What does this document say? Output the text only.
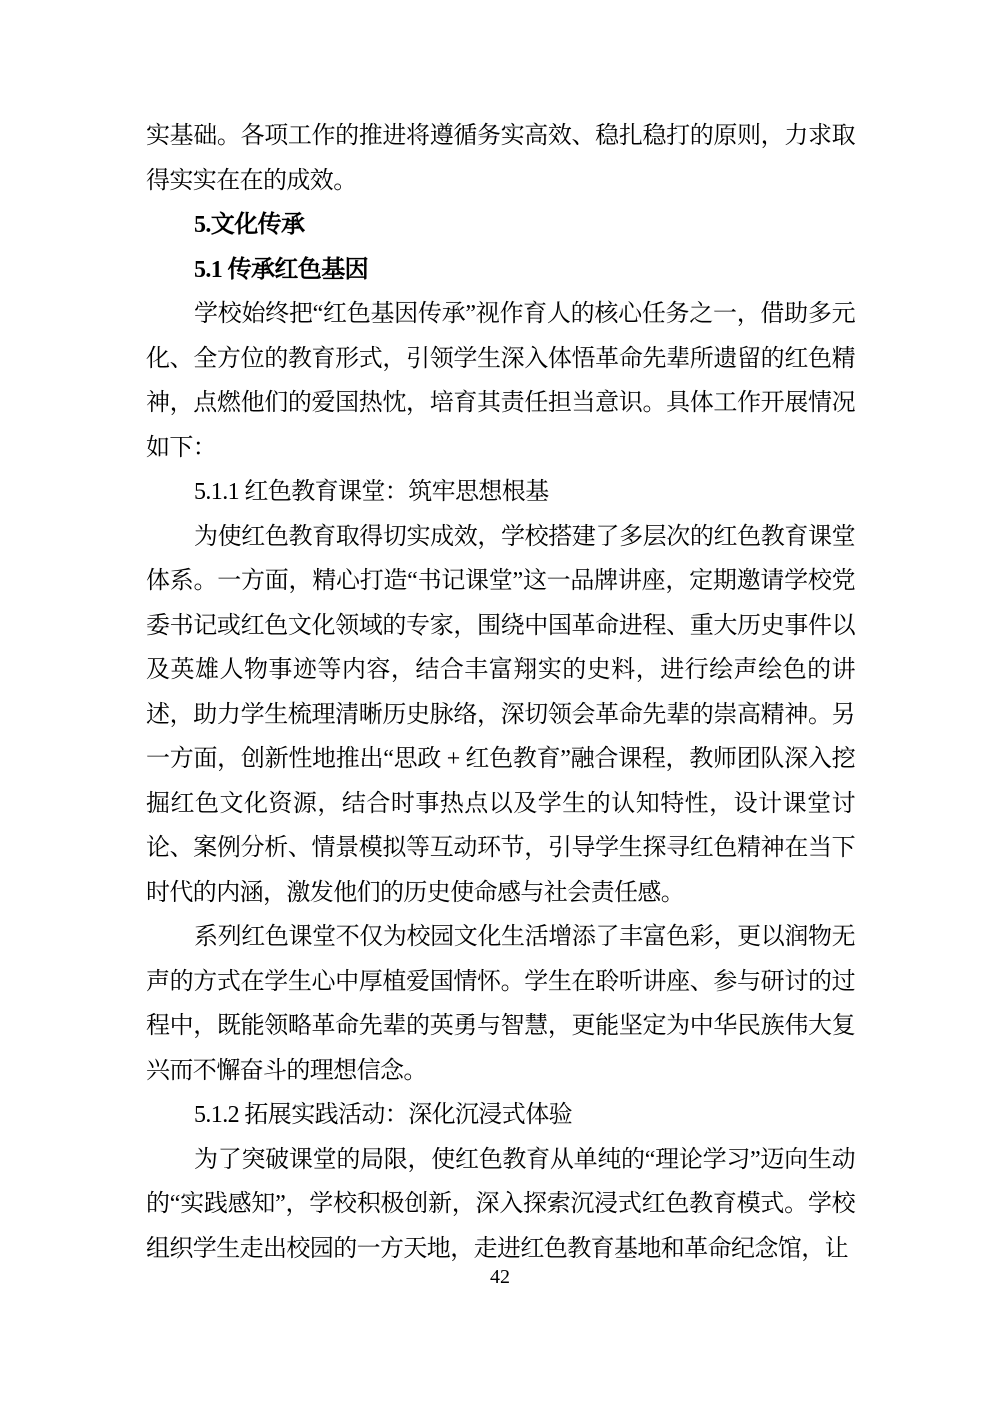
实基础。各项工作的推进将遵循务实高效、稳扎稳打的原则，力求取得实实在在的成效。

5.文化传承

5.1 传承红色基因

学校始终把“红色基因传承”视作育人的核心任务之一，借助多元化、全方位的教育形式，引领学生深入体悟革命先辈所遗留的红色精神，点燃他们的爱国热忱，培育其责任担当意识。具体工作开展情况如下：

5.1.1 红色教育课堂：筑牢思想根基

为使红色教育取得切实成效，学校搭建了多层次的红色教育课堂体系。一方面，精心打造“书记课堂”这一品牌讲座，定期邀请学校党委书记或红色文化领域的专家，围绕中国革命进程、重大历史事件以及英雄人物事迹等内容，结合丰富翔实的史料，进行绘声绘色的讲述，助力学生梳理清晰历史脉络，深切领会革命先辈的崇高精神。另一方面，创新性地推出“思政 + 红色教育”融合课程，教师团队深入挖掘红色文化资源，结合时事热点以及学生的认知特性，设计课堂讨论、案例分析、情景模拟等互动环节，引导学生探寻红色精神在当下时代的内涵，激发他们的历史使命感与社会责任感。

系列红色课堂不仅为校园文化生活增添了丰富色彩，更以润物无声的方式在学生心中厚植爱国情怀。学生在聆听讲座、参与研讨的过程中，既能领略革命先辈的英勇与智慧，更能坚定为中华民族伟大复兴而不懈奋斗的理想信念。

5.1.2 拓展实践活动：深化沉浸式体验

为了突破课堂的局限，使红色教育从单纯的“理论学习”迈向生动的“实践感知”，学校积极创新，深入探索沉浸式红色教育模式。学校组织学生走出校园的一方天地，走进红色教育基地和革命纪念馆，让

42
